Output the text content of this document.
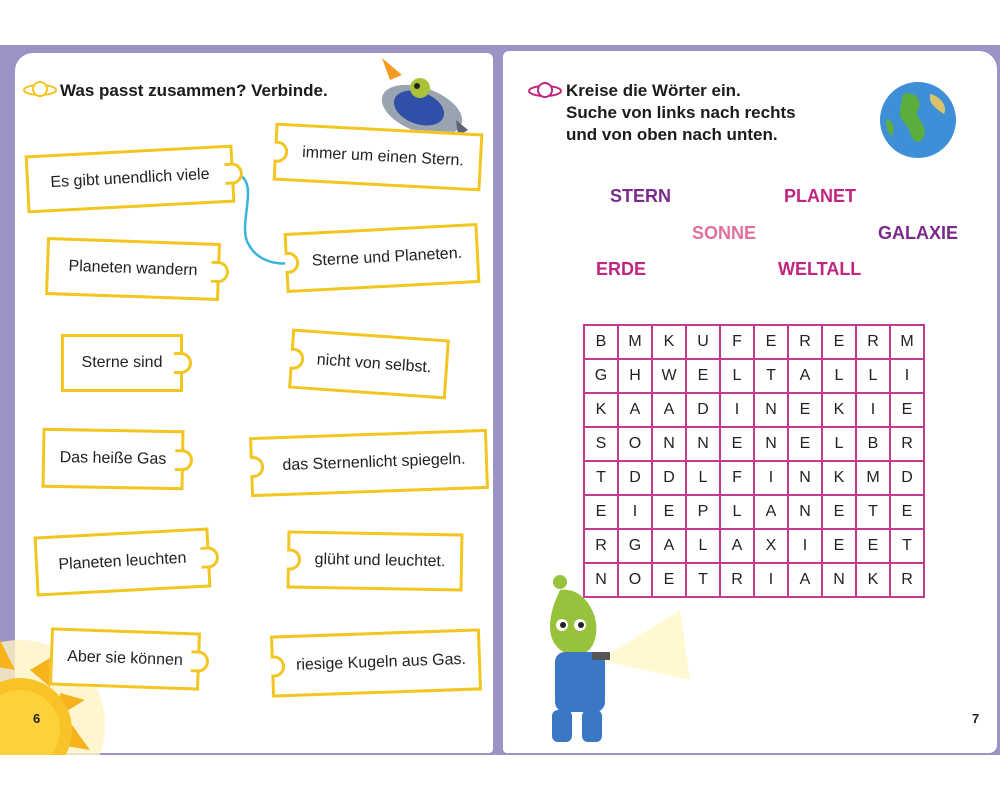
Was passt zusammen? Verbinde.
Es gibt unendlich viele
Planeten wandern
Sterne sind
Das heiße Gas
Planeten leuchten
Aber sie können
immer um einen Stern.
Sterne und Planeten.
nicht von selbst.
das Sternenlicht spiegeln.
glüht und leuchtet.
riesige Kugeln aus Gas.
6
Kreise die Wörter ein.
Suche von links nach rechts
und von oben nach unten.
STERN	PLANET
SONNE	GALAXIE
ERDE	WELTALL
B	M	K	U	F	E	R	E	R	M
G	H	W	E	L	T	A	L	L	I
K	A	A	D	I	N	E	K	I	E
S	O	N	N	E	N	E	L	B	R
T	D	D	L	F	I	N	K	M	D
E	I	E	P	L	A	N	E	T	E
R	G	A	L	A	X	I	E	E	T
N	O	E	T	R	I	A	N	K	R
7
